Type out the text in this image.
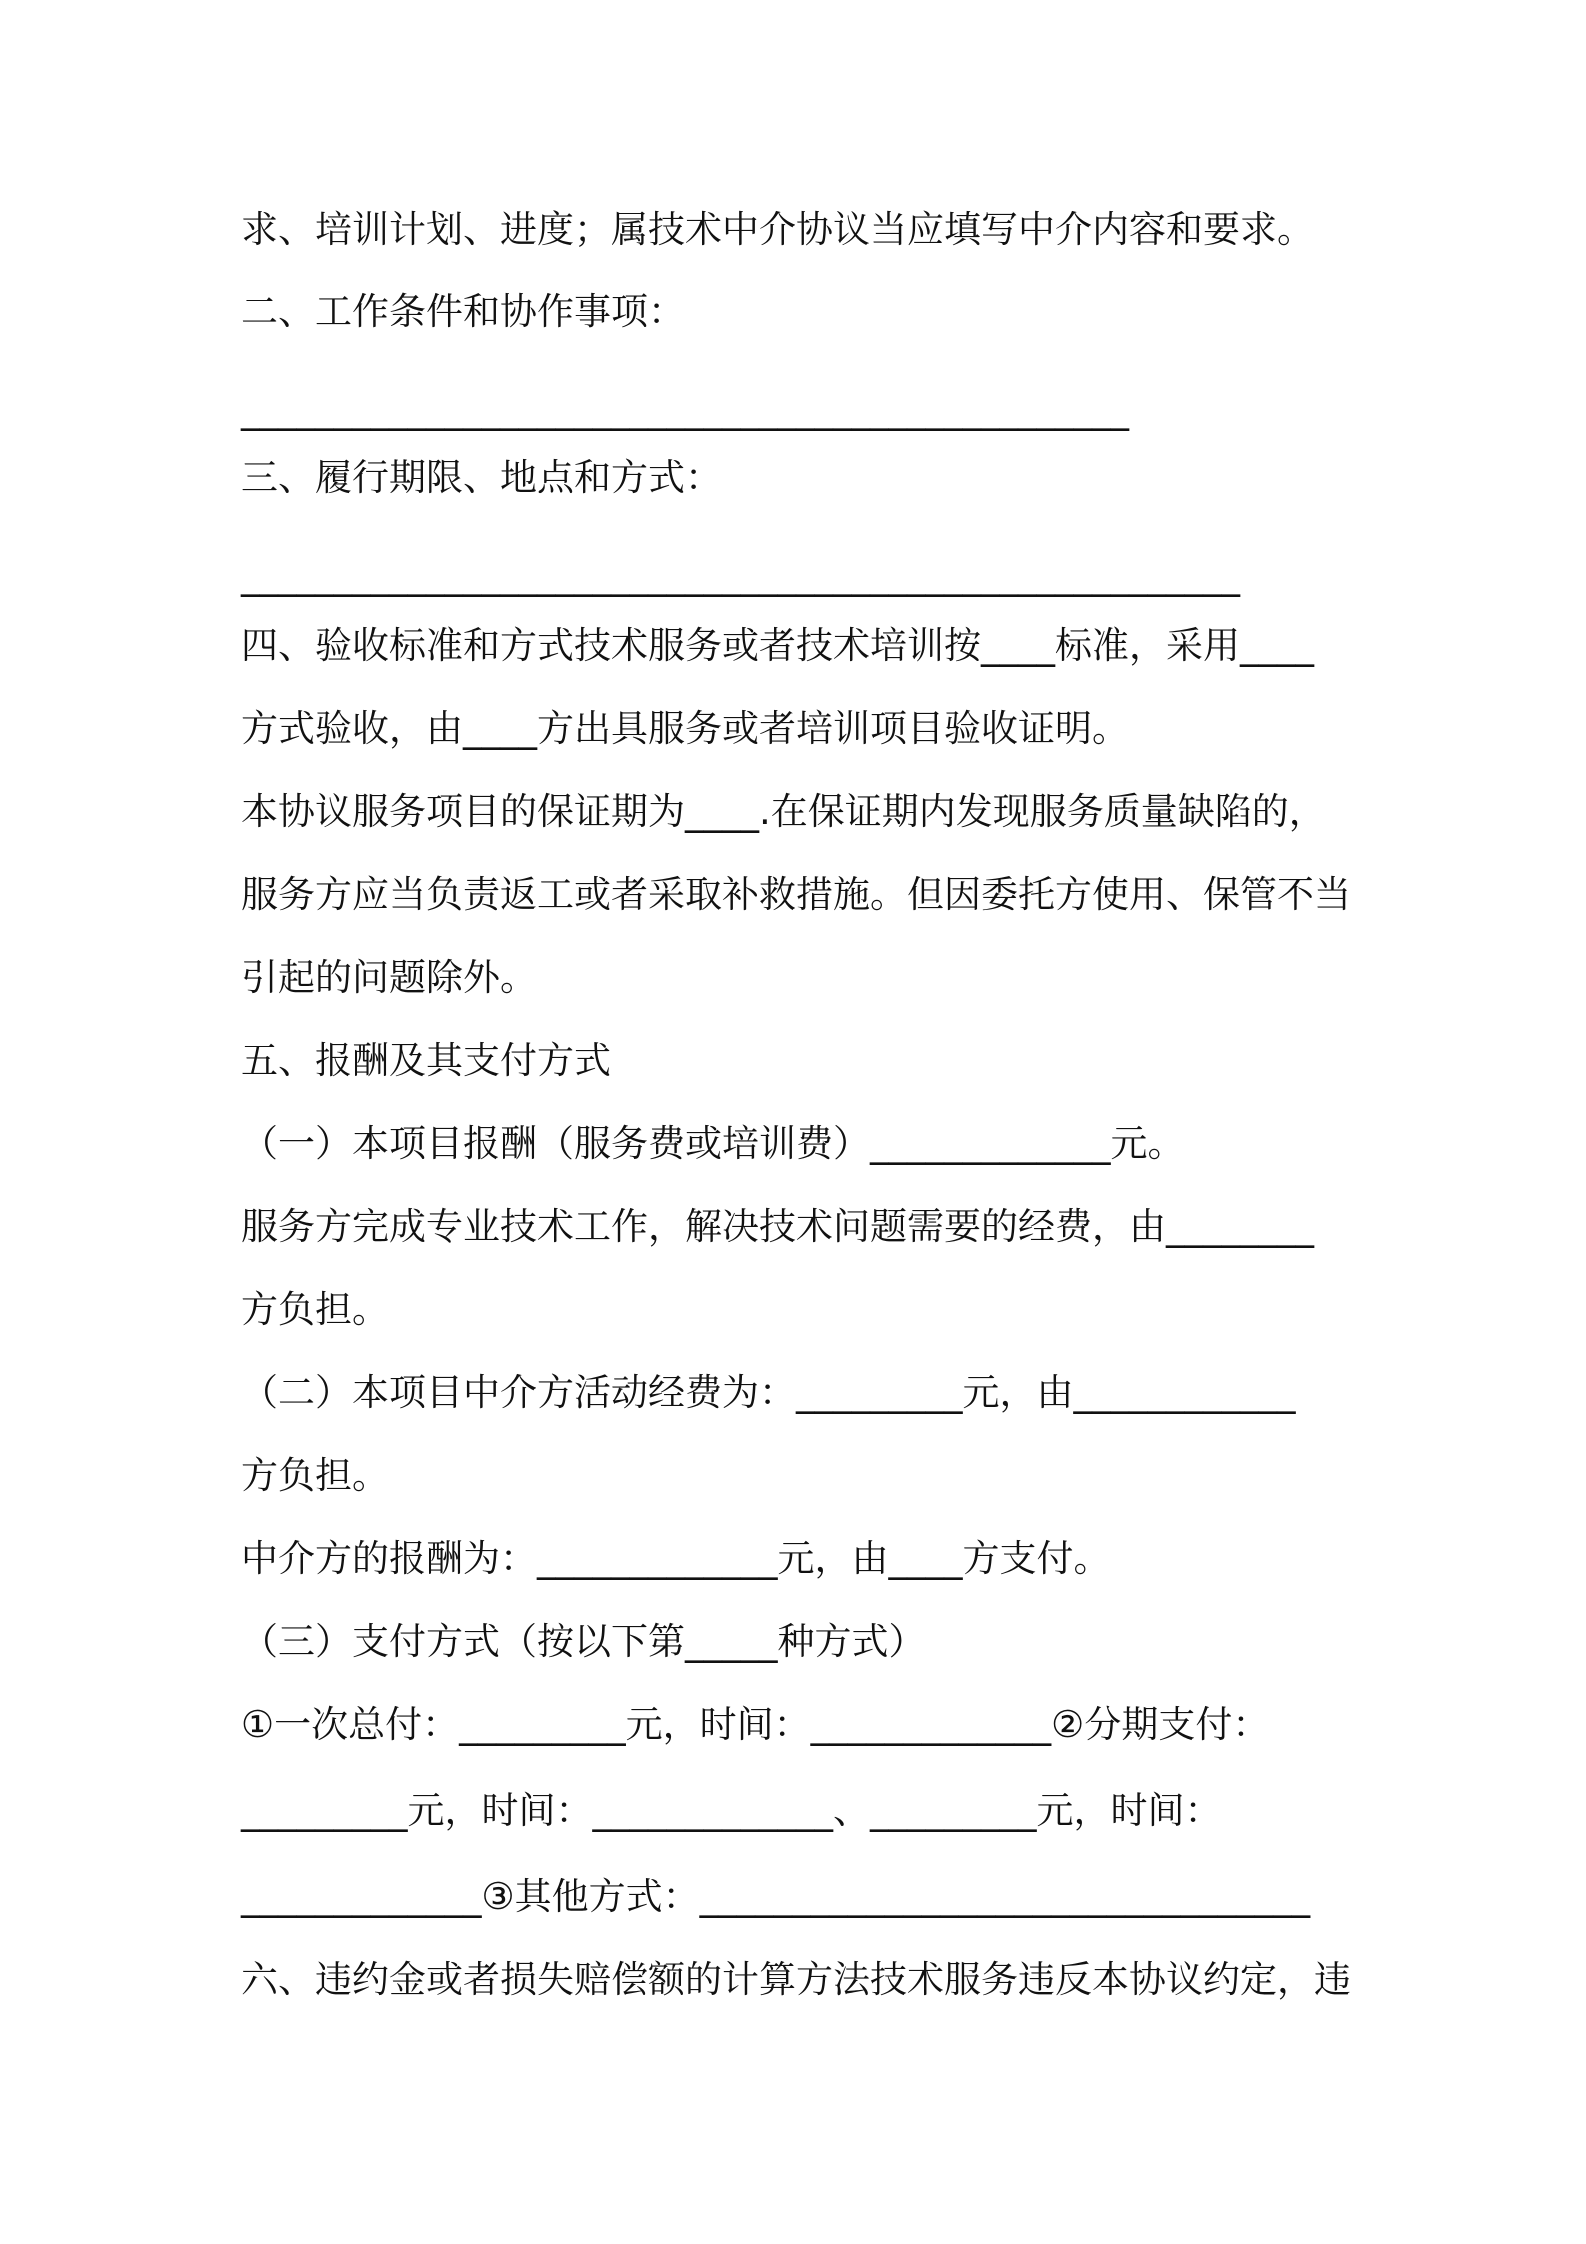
求、培训计划、进度；属技术中介协议当应填写中介内容和要求。
二、工作条件和协作事项：
________________________________________________
三、履行期限、地点和方式：
______________________________________________________
四、验收标准和方式技术服务或者技术培训按____标准，采用____
方式验收，由____方出具服务或者培训项目验收证明。
本协议服务项目的保证期为____.在保证期内发现服务质量缺陷的，
服务方应当负责返工或者采取补救措施。但因委托方使用、保管不当
引起的问题除外。
五、报酬及其支付方式
（一）本项目报酬（服务费或培训费）_____________元。
服务方完成专业技术工作，解决技术问题需要的经费，由________
方负担。
（二）本项目中介方活动经费为：_________元，由____________
方负担。
中介方的报酬为：_____________元，由____方支付。
（三）支付方式（按以下第_____种方式）
①一次总付：_________元，时间：_____________②分期支付：
_________元，时间：_____________、_________元，时间：
_____________③其他方式：_________________________________
六、违约金或者损失赔偿额的计算方法技术服务违反本协议约定，违
